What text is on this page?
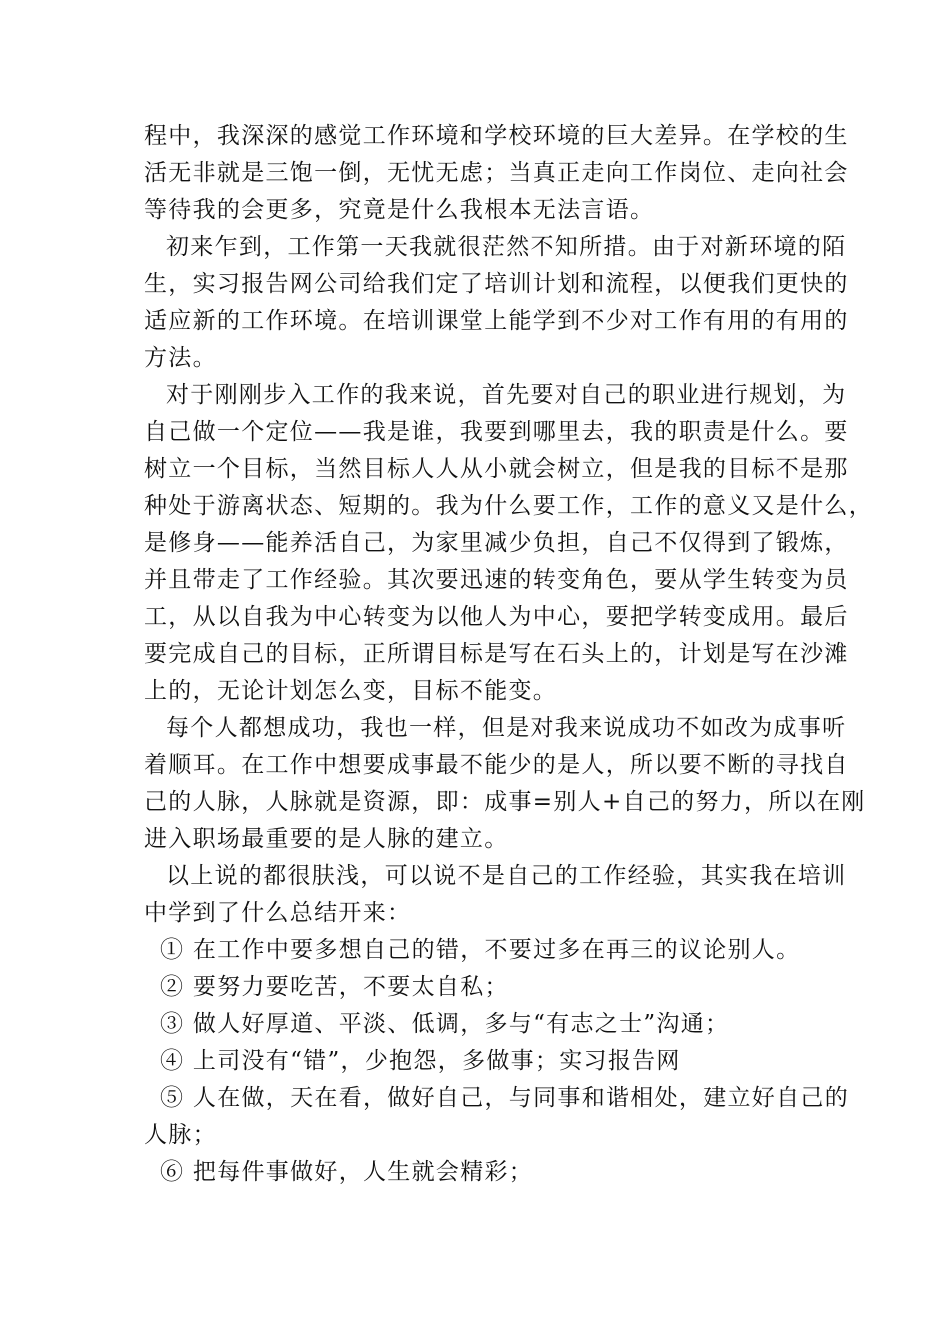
程中，我深深的感觉工作环境和学校环境的巨大差异。在学校的生
活无非就是三饱一倒，无忧无虑；当真正走向工作岗位、走向社会
等待我的会更多，究竟是什么我根本无法言语。
初来乍到，工作第一天我就很茫然不知所措。由于对新环境的陌
生，实习报告网公司给我们定了培训计划和流程，以便我们更快的
适应新的工作环境。在培训课堂上能学到不少对工作有用的有用的
方法。
对于刚刚步入工作的我来说，首先要对自己的职业进行规划，为
自己做一个定位——我是谁，我要到哪里去，我的职责是什么。要
树立一个目标，当然目标人人从小就会树立，但是我的目标不是那
种处于游离状态、短期的。我为什么要工作，工作的意义又是什么，
是修身——能养活自己，为家里减少负担，自己不仅得到了锻炼，
并且带走了工作经验。其次要迅速的转变角色，要从学生转变为员
工，从以自我为中心转变为以他人为中心，要把学转变成用。最后
要完成自己的目标，正所谓目标是写在石头上的，计划是写在沙滩
上的，无论计划怎么变，目标不能变。
每个人都想成功，我也一样，但是对我来说成功不如改为成事听
着顺耳。在工作中想要成事最不能少的是人，所以要不断的寻找自
己的人脉，人脉就是资源，即：成事=别人+自己的努力，所以在刚
进入职场最重要的是人脉的建立。
以上说的都很肤浅，可以说不是自己的工作经验，其实我在培训
中学到了什么总结开来：
① 在工作中要多想自己的错，不要过多在再三的议论别人。
② 要努力要吃苦，不要太自私；
③ 做人好厚道、平淡、低调，多与“有志之士”沟通；
④ 上司没有“错”，少抱怨，多做事；实习报告网
⑤ 人在做，天在看，做好自己，与同事和谐相处，建立好自己的
人脉；
⑥ 把每件事做好，人生就会精彩；
